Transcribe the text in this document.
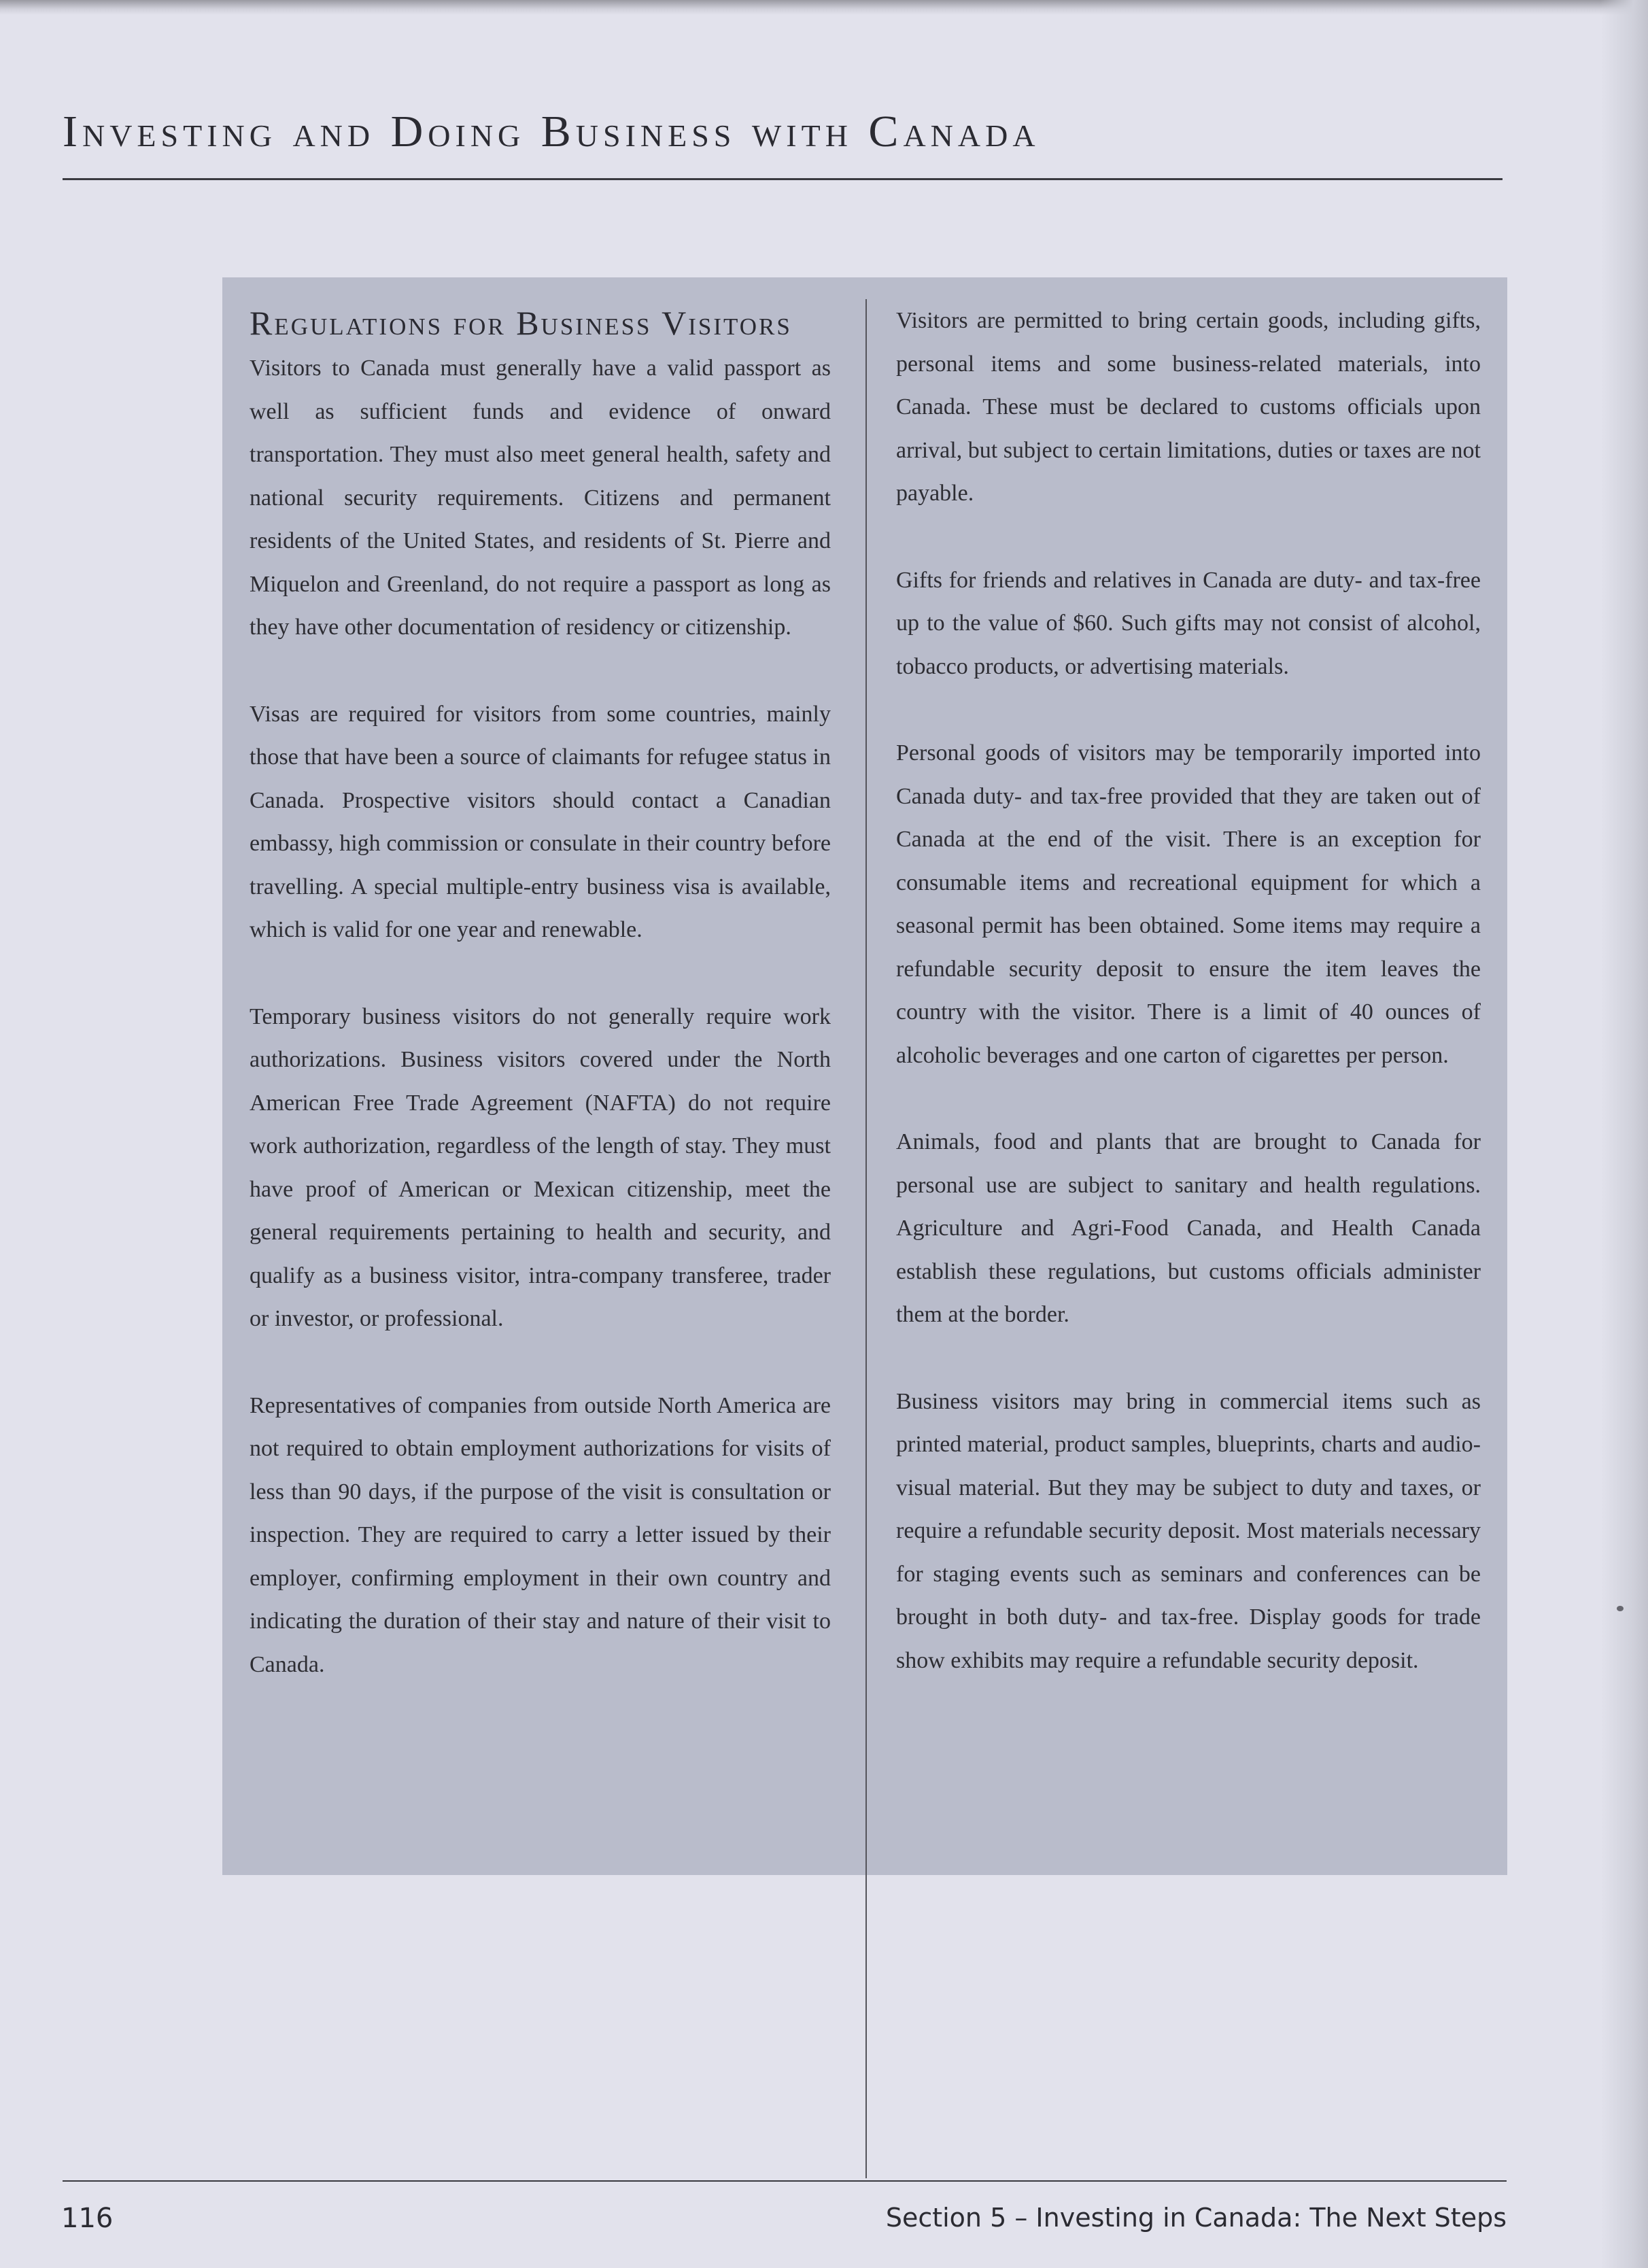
Investing and Doing Business with Canada
Regulations for Business Visitors

Visitors to Canada must generally have a valid passport as well as sufficient funds and evidence of onward transportation. They must also meet general health, safety and national security requirements. Citizens and permanent residents of the United States, and residents of St. Pierre and Miquelon and Greenland, do not require a passport as long as they have other documentation of residency or citizenship.

Visas are required for visitors from some countries, mainly those that have been a source of claimants for refugee status in Canada. Prospective visitors should contact a Canadian embassy, high commission or consulate in their country before travelling. A special multiple-entry business visa is available, which is valid for one year and renewable.

Temporary business visitors do not generally require work authorizations. Business visitors covered under the North American Free Trade Agreement (NAFTA) do not require work authorization, regardless of the length of stay. They must have proof of American or Mexican citizenship, meet the general requirements pertaining to health and security, and qualify as a business visitor, intra-company transferee, trader or investor, or professional.

Representatives of companies from outside North America are not required to obtain employment authorizations for visits of less than 90 days, if the purpose of the visit is consultation or inspection. They are required to carry a letter issued by their employer, confirming employment in their own country and indicating the duration of their stay and nature of their visit to Canada.

Visitors are permitted to bring certain goods, including gifts, personal items and some business-related materials, into Canada. These must be declared to customs officials upon arrival, but subject to certain limitations, duties or taxes are not payable.

Gifts for friends and relatives in Canada are duty- and tax-free up to the value of $60. Such gifts may not consist of alcohol, tobacco products, or advertising materials.

Personal goods of visitors may be temporarily imported into Canada duty- and tax-free provided that they are taken out of Canada at the end of the visit. There is an exception for consumable items and recreational equipment for which a seasonal permit has been obtained. Some items may require a refundable security deposit to ensure the item leaves the country with the visitor. There is a limit of 40 ounces of alcoholic beverages and one carton of cigarettes per person.

Animals, food and plants that are brought to Canada for personal use are subject to sanitary and health regulations. Agriculture and Agri-Food Canada, and Health Canada establish these regulations, but customs officials administer them at the border.

Business visitors may bring in commercial items such as printed material, product samples, blueprints, charts and audio-visual material. But they may be subject to duty and taxes, or require a refundable security deposit. Most materials necessary for staging events such as seminars and conferences can be brought in both duty- and tax-free. Display goods for trade show exhibits may require a refundable security deposit.

116	Section 5 – Investing in Canada: The Next Steps
